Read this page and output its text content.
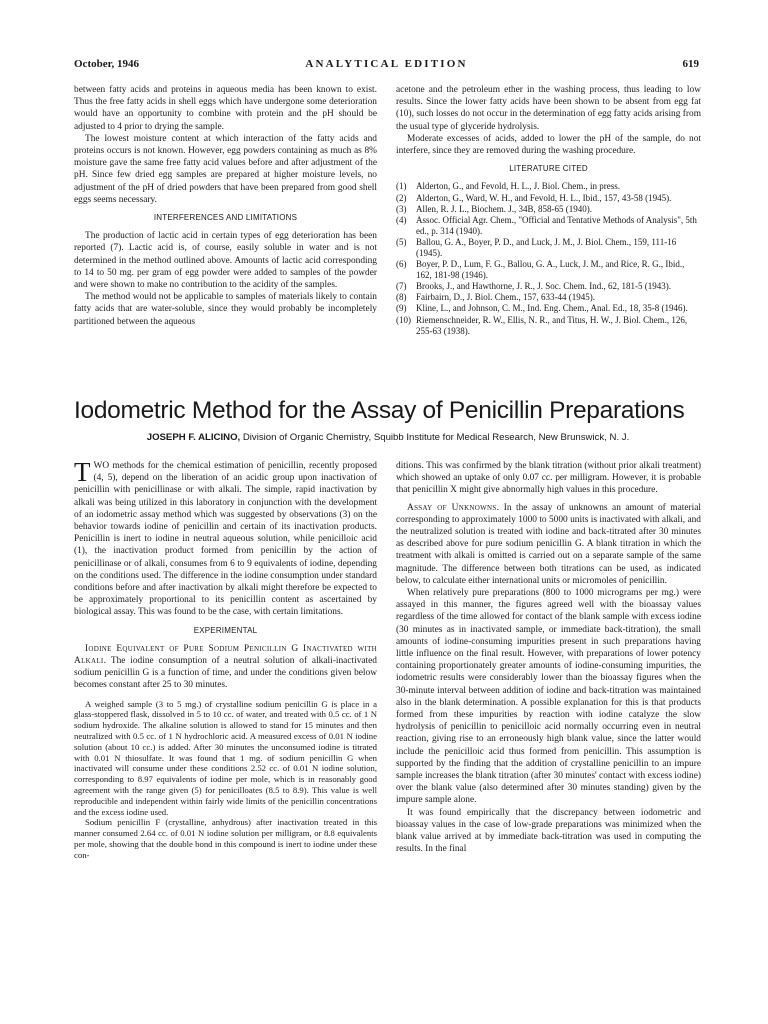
October, 1946	ANALYTICAL EDITION	619

between fatty acids and proteins in aqueous media has been known to exist. Thus the free fatty acids in shell eggs which have undergone some deterioration would have an opportunity to combine with protein and the pH should be adjusted to 4 prior to drying the sample.

The lowest moisture content at which interaction of the fatty acids and proteins occurs is not known. However, egg powders containing as much as 8% moisture gave the same free fatty acid values before and after adjustment of the pH. Since few dried egg samples are prepared at higher moisture levels, no adjustment of the pH of dried powders that have been prepared from good shell eggs seems necessary.

INTERFERENCES AND LIMITATIONS

The production of lactic acid in certain types of egg deterioration has been reported (7). Lactic acid is, of course, easily soluble in water and is not determined in the method outlined above. Amounts of lactic acid corresponding to 14 to 50 mg. per gram of egg powder were added to samples of the powder and were shown to make no contribution to the acidity of the samples.

The method would not be applicable to samples of materials likely to contain fatty acids that are water-soluble, since they would probably be incompletely partitioned between the aqueous

acetone and the petroleum ether in the washing process, thus leading to low results. Since the lower fatty acids have been shown to be absent from egg fat (10), such losses do not occur in the determination of egg fatty acids arising from the usual type of glyceride hydrolysis.

Moderate excesses of acids, added to lower the pH of the sample, do not interfere, since they are removed during the washing procedure.

LITERATURE CITED
(1) Alderton, G., and Fevold, H. L., J. Biol. Chem., in press.
(2) Alderton, G., Ward, W. H., and Fevold, H. L., Ibid., 157, 43-58 (1945).
(3) Allen, R. J. L., Biochem. J., 34B, 858-65 (1940).
(4) Assoc. Official Agr. Chem., "Official and Tentative Methods of Analysis", 5th ed., p. 314 (1940).
(5) Ballou, G. A., Boyer, P. D., and Luck, J. M., J. Biol. Chem., 159, 111-16 (1945).
(6) Boyer, P. D., Lum, F. G., Ballou, G. A., Luck, J. M., and Rice, R. G., Ibid., 162, 181-98 (1946).
(7) Brooks, J., and Hawthorne, J. R., J. Soc. Chem. Ind., 62, 181-5 (1943).
(8) Fairbairn, D., J. Biol. Chem., 157, 633-44 (1945).
(9) Kline, L., and Johnson, C. M., Ind. Eng. Chem., Anal. Ed., 18, 35-8 (1946).
(10) Riemenschneider, R. W., Ellis, N. R., and Titus, H. W., J. Biol. Chem., 126, 255-63 (1938).
Iodometric Method for the Assay of Penicillin Preparations
JOSEPH F. ALICINO, Division of Organic Chemistry, Squibb Institute for Medical Research, New Brunswick, N. J.

TWO methods for the chemical estimation of penicillin, recently proposed (4, 5), depend on the liberation of an acidic group upon inactivation of penicillin with penicillinase or with alkali. The simple, rapid inactivation by alkali was being utilized in this laboratory in conjunction with the development of an iodometric assay method which was suggested by observations (3) on the behavior towards iodine of penicillin and certain of its inactivation products. Penicillin is inert to iodine in neutral aqueous solution, while penicilloic acid (1), the inactivation product formed from penicillin by the action of penicillinase or of alkali, consumes from 6 to 9 equivalents of iodine, depending on the conditions used. The difference in the iodine consumption under standard conditions before and after inactivation by alkali might therefore be expected to be approximately proportional to its penicillin content as ascertained by biological assay. This was found to be the case, with certain limitations.

EXPERIMENTAL

Iodine Equivalent of Pure Sodium Penicillin G Inactivated with Alkali. The iodine consumption of a neutral solution of alkali-inactivated sodium penicillin G is a function of time, and under the conditions given below becomes constant after 25 to 30 minutes.

A weighed sample (3 to 5 mg.) of crystalline sodium penicillin G is place in a glass-stoppered flask, dissolved in 5 to 10 cc. of water, and treated with 0.5 cc. of 1 N sodium hydroxide. The alkaline solution is allowed to stand for 15 minutes and then neutralized with 0.5 cc. of 1 N hydrochloric acid. A measured excess of 0.01 N iodine solution (about 10 cc.) is added. After 30 minutes the unconsumed iodine is titrated with 0.01 N thiosulfate. It was found that 1 mg. of sodium penicillin G when inactivated will consume under these conditions 2.52 cc. of 0.01 N iodine solution, corresponding to 8.97 equivalents of iodine per mole, which is in reasonably good agreement with the range given (5) for penicilloates (8.5 to 8.9). This value is well reproducible and independent within fairly wide limits of the penicillin concentrations and the excess iodine used.

Sodium penicillin F (crystalline, anhydrous) after inactivation treated in this manner consumed 2.64 cc. of 0.01 N iodine solution per milligram, or 8.8 equivalents per mole, showing that the double bond in this compound is inert to iodine under these con-

ditions. This was confirmed by the blank titration (without prior alkali treatment) which showed an uptake of only 0.07 cc. per milligram. However, it is probable that penicillin X might give abnormally high values in this procedure.

Assay of Unknowns. In the assay of unknowns an amount of material corresponding to approximately 1000 to 5000 units is inactivated with alkali, and the neutralized solution is treated with iodine and back-titrated after 30 minutes as described above for pure sodium penicillin G. A blank titration in which the treatment with alkali is omitted is carried out on a separate sample of the same magnitude. The difference between both titrations can be used, as indicated below, to calculate either international units or micromoles of penicillin.

When relatively pure preparations (800 to 1000 micrograms per mg.) were assayed in this manner, the figures agreed well with the bioassay values regardless of the time allowed for contact of the blank sample with excess iodine (30 minutes as in inactivated sample, or immediate back-titration), the small amounts of iodine-consuming impurities present in such preparations having little influence on the final result. However, with preparations of lower potency containing proportionately greater amounts of iodine-consuming impurities, the iodometric results were considerably lower than the bioassay figures when the 30-minute interval between addition of iodine and back-titration was maintained also in the blank determination. A possible explanation for this is that products formed from these impurities by reaction with iodine catalyze the slow hydrolysis of penicillin to penicilloic acid normally occurring even in neutral reaction, giving rise to an erroneously high blank value, since the latter would include the penicilloic acid thus formed from penicillin. This assumption is supported by the finding that the addition of crystalline penicillin to an impure sample increases the blank titration (after 30 minutes' contact with excess iodine) over the blank value (also determined after 30 minutes standing) given by the impure sample alone.

It was found empirically that the discrepancy between iodometric and bioassay values in the case of low-grade preparations was minimized when the blank value arrived at by immediate back-titration was used in computing the results. In the final
